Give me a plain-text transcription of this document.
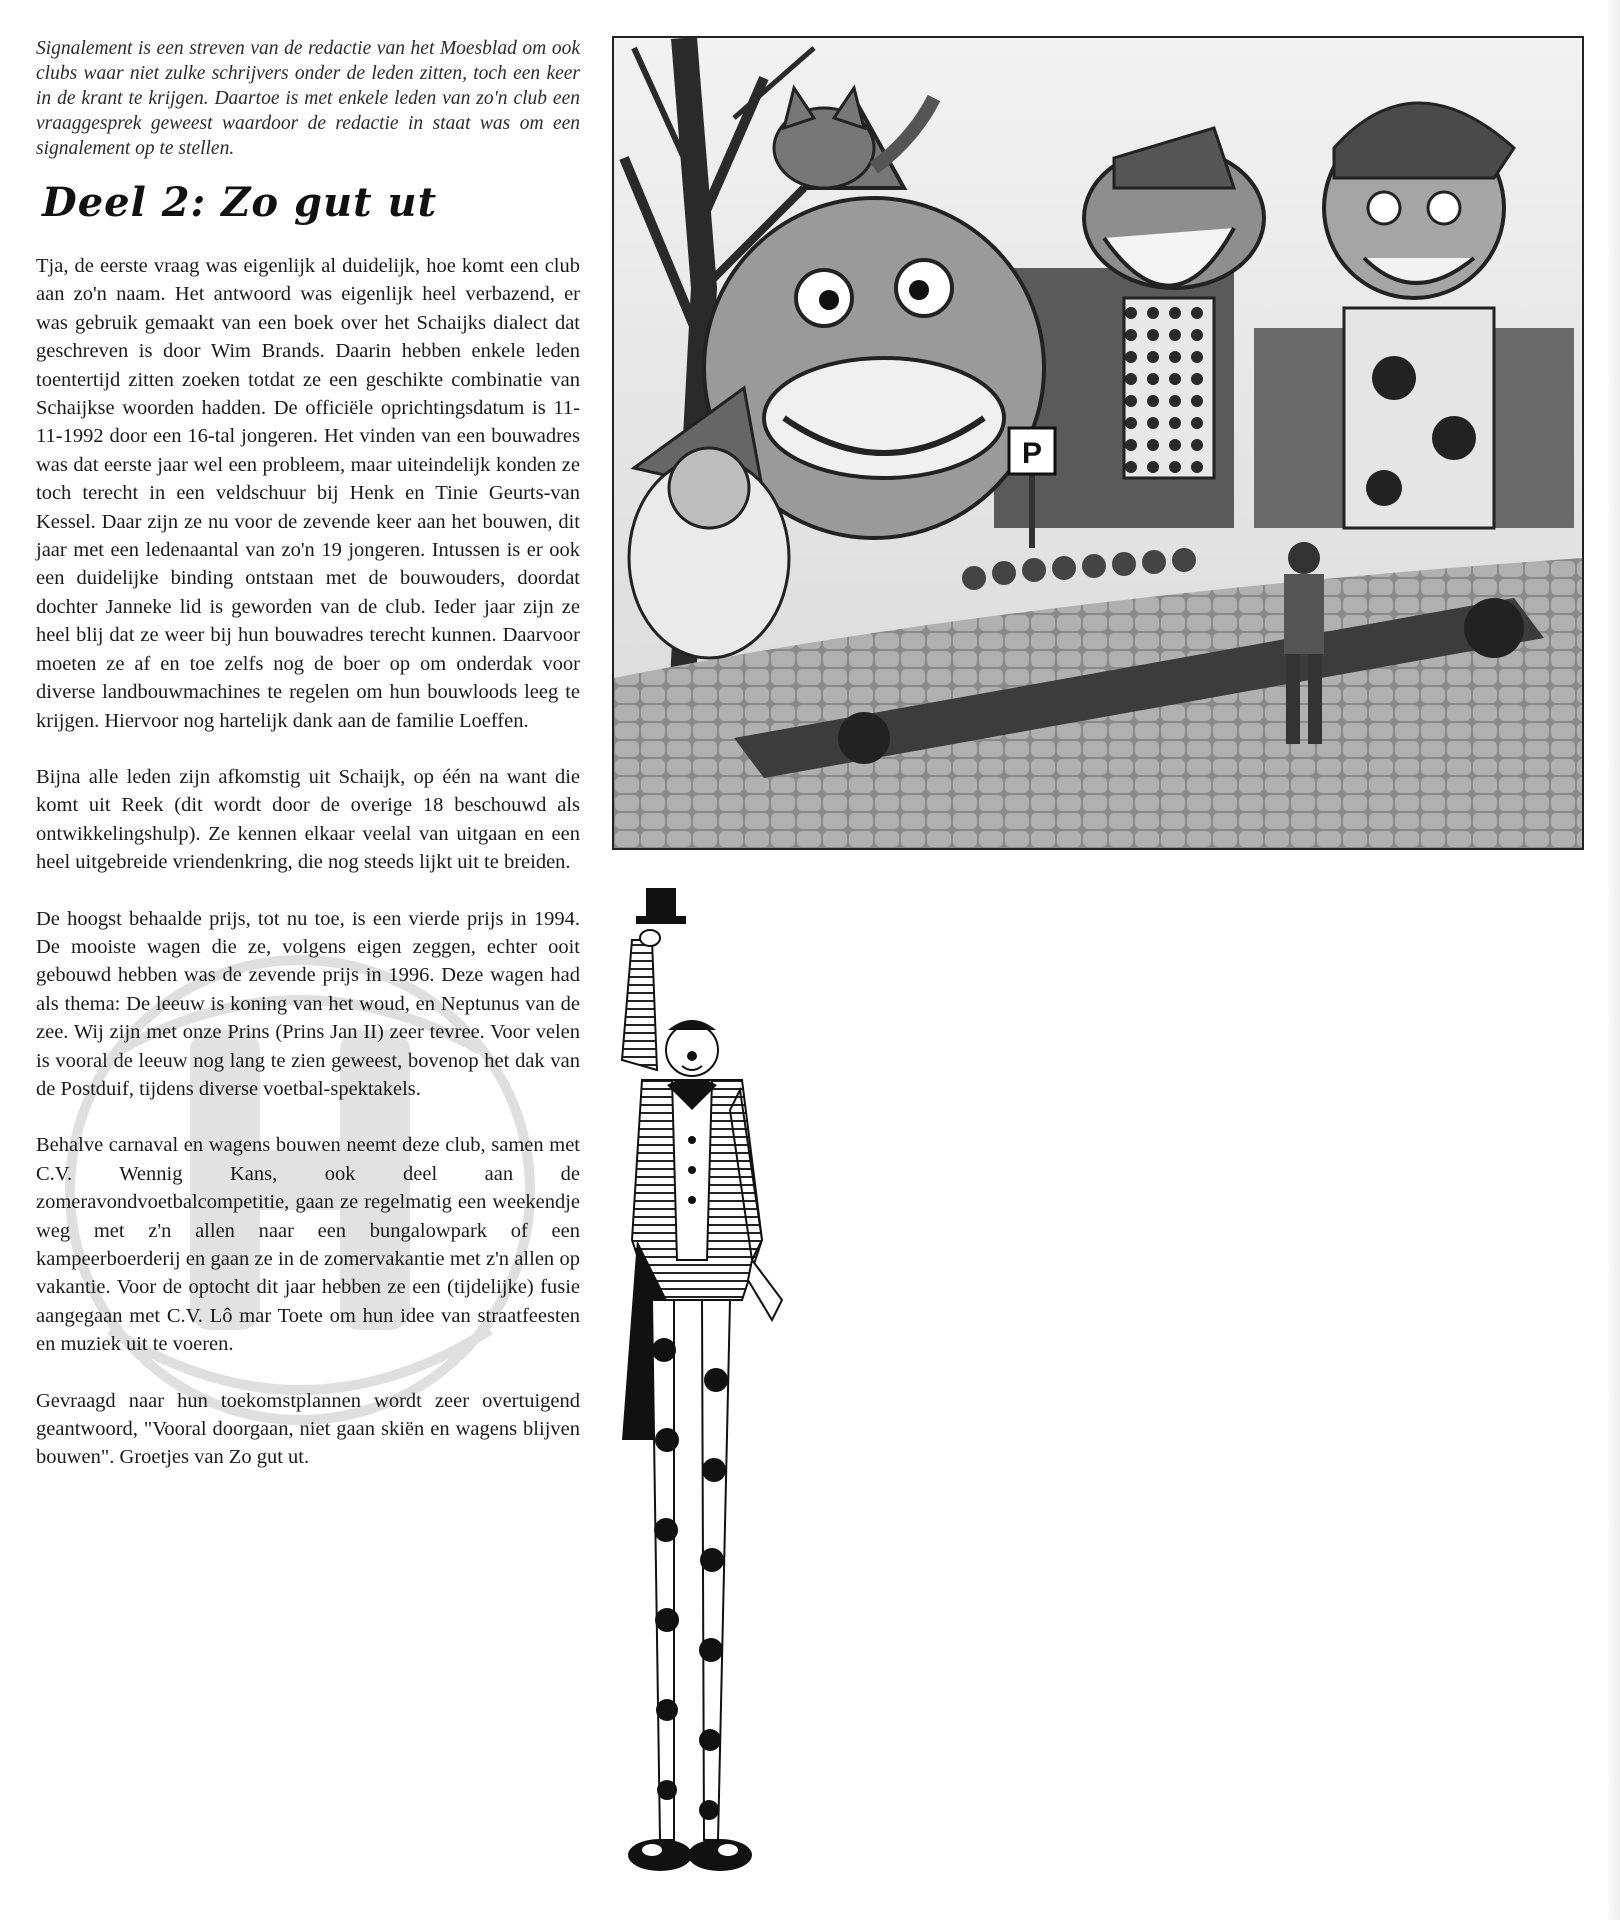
Signalement is een streven van de redactie van het Moesblad om ook clubs waar niet zulke schrijvers onder de leden zitten, toch een keer in de krant te krijgen. Daartoe is met enkele leden van zo'n club een vraaggesprek geweest waardoor de redactie in staat was om een signalement op te stellen.

Deel 2: Zo gut ut

Tja, de eerste vraag was eigenlijk al duidelijk, hoe komt een club aan zo'n naam. Het antwoord was eigenlijk heel verbazend, er was gebruik gemaakt van een boek over het Schaijks dialect dat geschreven is door Wim Brands. Daarin hebben enkele leden toentertijd zitten zoeken totdat ze een geschikte combinatie van Schaijkse woorden hadden. De officiële oprichtingsdatum is 11-11-1992 door een 16-tal jongeren. Het vinden van een bouwadres was dat eerste jaar wel een probleem, maar uiteindelijk konden ze toch terecht in een veldschuur bij Henk en Tinie Geurts-van Kessel. Daar zijn ze nu voor de zevende keer aan het bouwen, dit jaar met een ledenaantal van zo'n 19 jongeren. Intussen is er ook een duidelijke binding ontstaan met de bouwouders, doordat dochter Janneke lid is geworden van de club. Ieder jaar zijn ze heel blij dat ze weer bij hun bouwadres terecht kunnen. Daarvoor moeten ze af en toe zelfs nog de boer op om onderdak voor diverse landbouwmachines te regelen om hun bouwloods leeg te krijgen. Hiervoor nog hartelijk dank aan de familie Loeffen.

Bijna alle leden zijn afkomstig uit Schaijk, op één na want die komt uit Reek (dit wordt door de overige 18 beschouwd als ontwikkelingshulp). Ze kennen elkaar veelal van uitgaan en een heel uitgebreide vriendenkring, die nog steeds lijkt uit te breiden.

De hoogst behaalde prijs, tot nu toe, is een vierde prijs in 1994. De mooiste wagen die ze, volgens eigen zeggen, echter ooit gebouwd hebben was de zevende prijs in 1996. Deze wagen had als thema: De leeuw is koning van het woud, en Neptunus van de zee. Wij zijn met onze Prins (Prins Jan II) zeer tevree. Voor velen is vooral de leeuw nog lang te zien geweest, bovenop het dak van de Postduif, tijdens diverse voetbal-spektakels.

Behalve carnaval en wagens bouwen neemt deze club, samen met C.V. Wennig Kans, ook deel aan de zomeravondvoetbalcompetitie, gaan ze regelmatig een weekendje weg met z'n allen naar een bungalowpark of een kampeerboerderij en gaan ze in de zomervakantie met z'n allen op vakantie. Voor de optocht dit jaar hebben ze een (tijdelijke) fusie aangegaan met C.V. Lô mar Toete om hun idee van straatfeesten en muziek uit te voeren.

Gevraagd naar hun toekomstplannen wordt zeer overtuigend geantwoord, "Vooral doorgaan, niet gaan skiën en wagens blijven bouwen". Groetjes van Zo gut ut.

P
